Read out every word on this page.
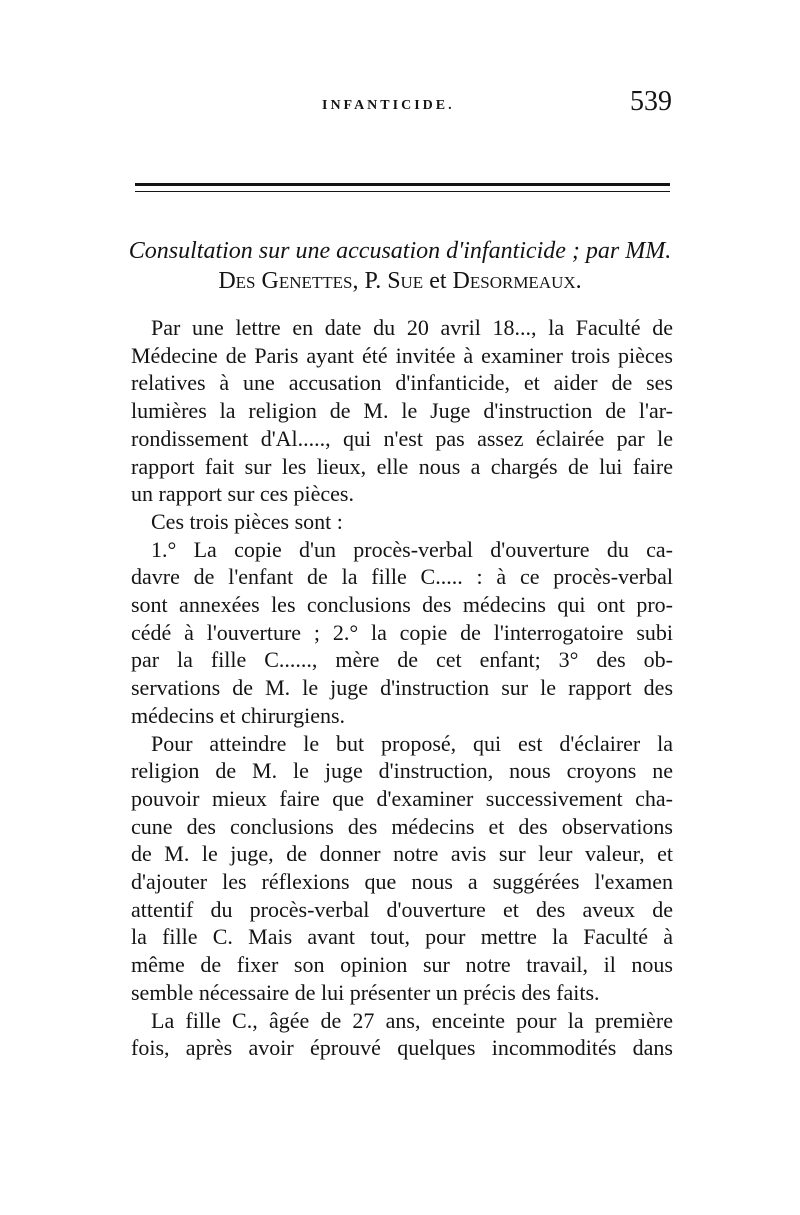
INFANTICIDE.	539
Consultation sur une accusation d'infanticide ; par MM.
Des Genettes, P. Sue et Desormeaux.
Par une lettre en date du 20 avril 18..., la Faculté de
Médecine de Paris ayant été invitée à examiner trois pièces
relatives à une accusation d'infanticide, et aider de ses
lumières la religion de M. le Juge d'instruction de l'ar-
rondissement d'Al....., qui n'est pas assez éclairée par le
rapport fait sur les lieux, elle nous a chargés de lui faire
un rapport sur ces pièces.
Ces trois pièces sont :
1.° La copie d'un procès-verbal d'ouverture du ca-
davre de l'enfant de la fille C..... : à ce procès-verbal
sont annexées les conclusions des médecins qui ont pro-
cédé à l'ouverture ; 2.° la copie de l'interrogatoire subi
par la fille C......, mère de cet enfant; 3° des ob-
servations de M. le juge d'instruction sur le rapport des
médecins et chirurgiens.
Pour atteindre le but proposé, qui est d'éclairer la
religion de M. le juge d'instruction, nous croyons ne
pouvoir mieux faire que d'examiner successivement cha-
cune des conclusions des médecins et des observations
de M. le juge, de donner notre avis sur leur valeur, et
d'ajouter les réflexions que nous a suggérées l'examen
attentif du procès-verbal d'ouverture et des aveux de
la fille C. Mais avant tout, pour mettre la Faculté à
même de fixer son opinion sur notre travail, il nous
semble nécessaire de lui présenter un précis des faits.
La fille C., âgée de 27 ans, enceinte pour la première
fois, après avoir éprouvé quelques incommodités dans
